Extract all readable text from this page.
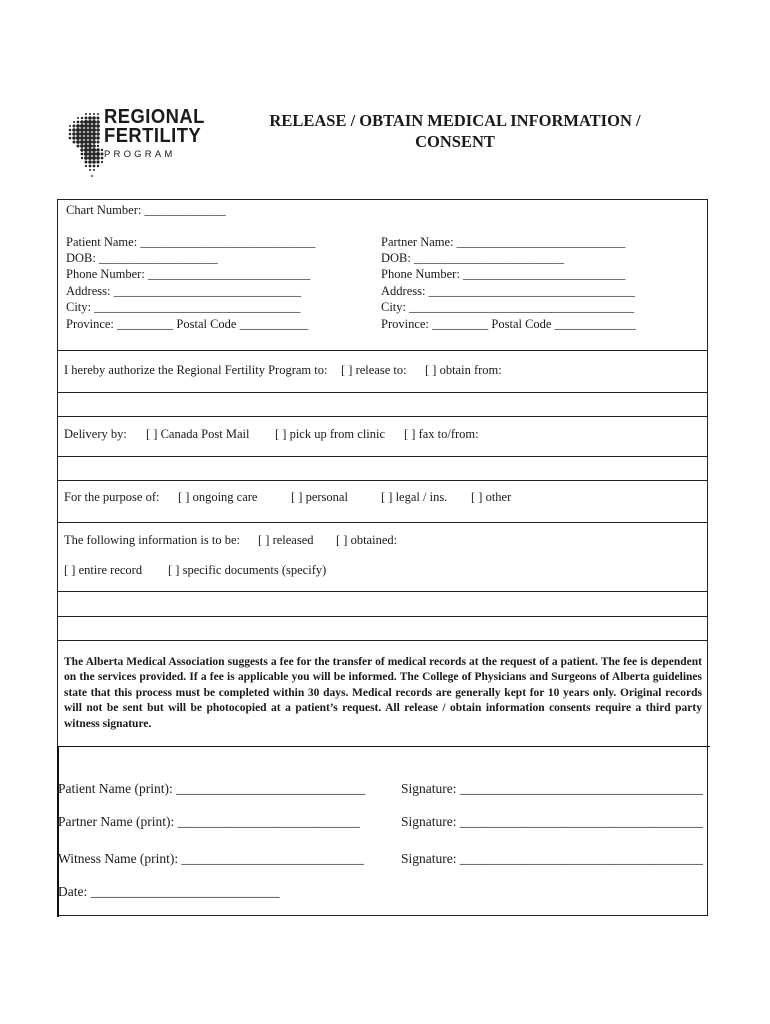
REGIONAL
FERTILITY
PROGRAM
RELEASE / OBTAIN MEDICAL INFORMATION /
CONSENT
Chart Number: _____________
Patient Name: ____________________________
DOB: ___________________
Phone Number: __________________________
Address: ______________________________
City: _________________________________
Province: _________ Postal Code ___________
Partner Name: ___________________________
DOB: ________________________
Phone Number: __________________________
Address: _________________________________
City: ____________________________________
Province: _________ Postal Code _____________
I hereby authorize the Regional Fertility Program to: [ ] release to: [ ] obtain from:
Delivery by: [ ] Canada Post Mail [ ] pick up from clinic [ ] fax to/from:
For the purpose of: [ ] ongoing care	[ ] personal	[ ] legal / ins. [ ] other
The following information is to be: [ ] released [ ] obtained:
[ ] entire record [ ] specific documents (specify)
The Alberta Medical Association suggests a fee for the transfer of medical records at the request of a patient. The fee is dependent on the services provided. If a fee is applicable you will be informed. The College of Physicians and Surgeons of Alberta guidelines state that this process must be completed within 30 days. Medical records are generally kept for 10 years only. Original records will not be sent but will be photocopied at a patient’s request. All release / obtain information consents require a third party witness signature.
Patient Name (print): ____________________________	Signature: ____________________________________
Partner Name (print): ___________________________	Signature: ____________________________________
Witness Name (print): ___________________________	Signature: ____________________________________
Date: ____________________________
